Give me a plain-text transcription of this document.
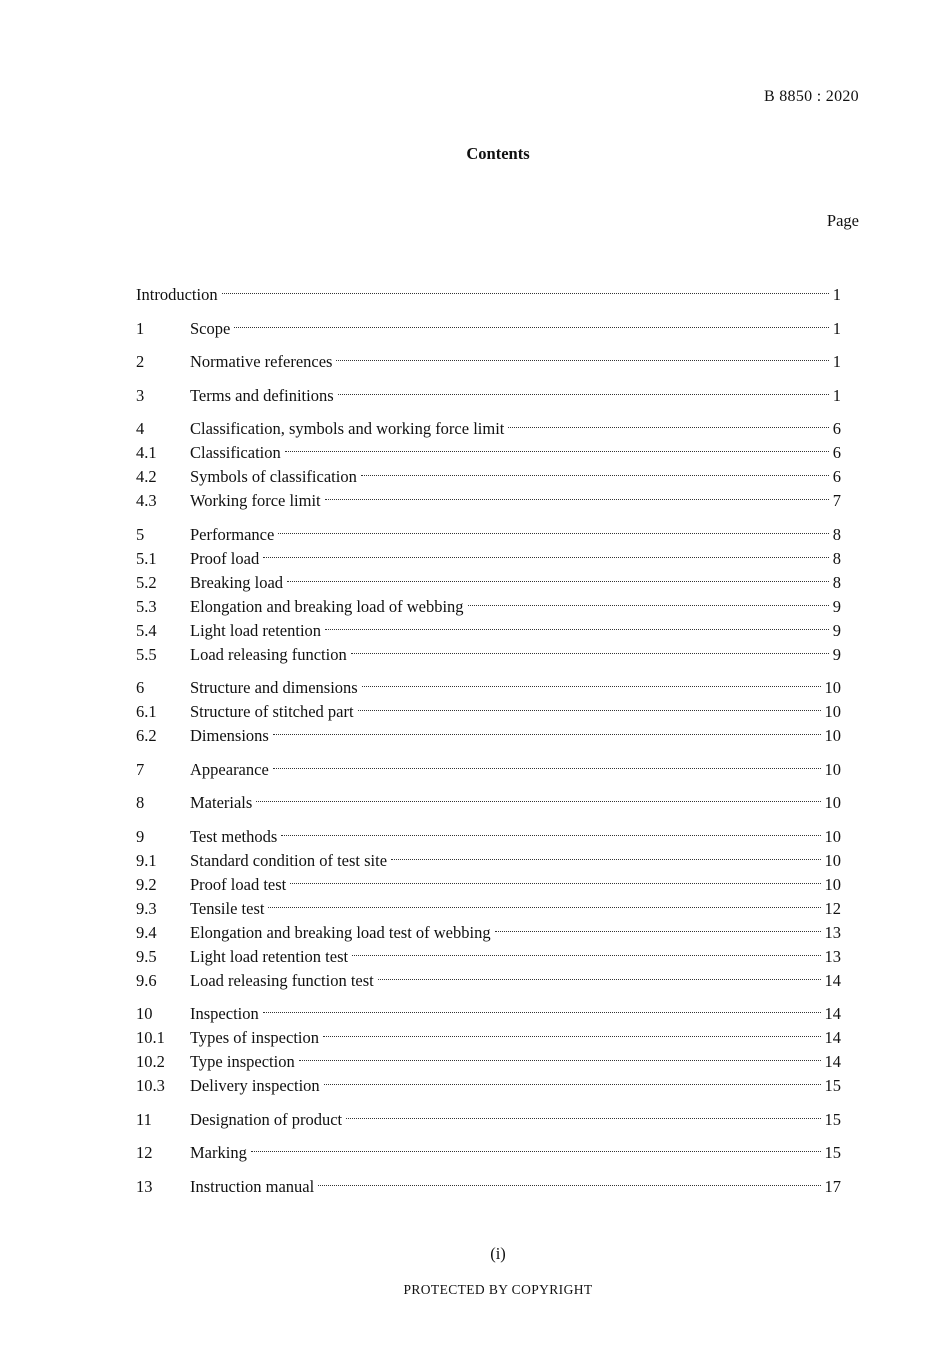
B 8850 : 2020
Contents
Page
Introduction	1
1	Scope	1
2	Normative references	1
3	Terms and definitions	1
4	Classification, symbols and working force limit	6
4.1	Classification	6
4.2	Symbols of classification	6
4.3	Working force limit	7
5	Performance	8
5.1	Proof load	8
5.2	Breaking load	8
5.3	Elongation and breaking load of webbing	9
5.4	Light load retention	9
5.5	Load releasing function	9
6	Structure and dimensions	10
6.1	Structure of stitched part	10
6.2	Dimensions	10
7	Appearance	10
8	Materials	10
9	Test methods	10
9.1	Standard condition of test site	10
9.2	Proof load test	10
9.3	Tensile test	12
9.4	Elongation and breaking load test of webbing	13
9.5	Light load retention test	13
9.6	Load releasing function test	14
10	Inspection	14
10.1	Types of inspection	14
10.2	Type inspection	14
10.3	Delivery inspection	15
11	Designation of product	15
12	Marking	15
13	Instruction manual	17
(i)
PROTECTED BY COPYRIGHT
